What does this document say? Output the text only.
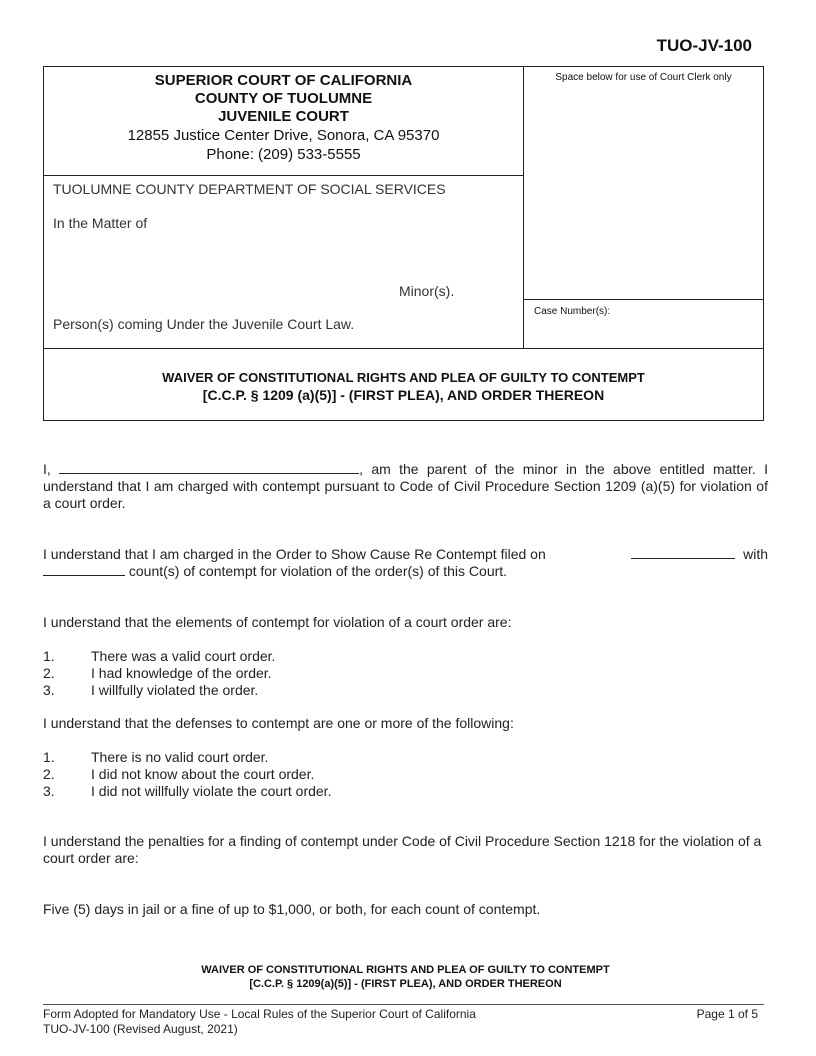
TUO-JV-100
SUPERIOR COURT OF CALIFORNIA
COUNTY OF TUOLUMNE
JUVENILE COURT
12855 Justice Center Drive, Sonora, CA 95370
Phone: (209) 533-5555
Space below for use of Court Clerk only
Case Number(s):
TUOLUMNE COUNTY DEPARTMENT OF SOCIAL SERVICES
In the Matter of
Minor(s).
Person(s) coming Under the Juvenile Court Law.
WAIVER OF CONSTITUTIONAL RIGHTS AND PLEA OF GUILTY TO CONTEMPT
[C.C.P. § 1209 (a)(5)] - (FIRST PLEA), AND ORDER THEREON
I,	, am the parent of the minor in the above entitled matter. I understand that I am charged with contempt pursuant to Code of Civil Procedure Section 1209 (a)(5) for violation of a court order.
I understand that I am charged in the Order to Show Cause Re Contempt filed on	with
count(s) of contempt for violation of the order(s) of this Court.
I understand that the elements of contempt for violation of a court order are:
1.	There was a valid court order.
2.	I had knowledge of the order.
3.	I willfully violated the order.
I understand that the defenses to contempt are one or more of the following:
1.	There is no valid court order.
2.	I did not know about the court order.
3.	I did not willfully violate the court order.
I understand the penalties for a finding of contempt under Code of Civil Procedure Section 1218 for the violation of a court order are:
Five (5) days in jail or a fine of up to $1,000, or both, for each count of contempt.
WAIVER OF CONSTITUTIONAL RIGHTS AND PLEA OF GUILTY TO CONTEMPT
[C.C.P. § 1209(a)(5)] - (FIRST PLEA), AND ORDER THEREON
Form Adopted for Mandatory Use - Local Rules of the Superior Court of California
TUO-JV-100 (Revised August, 2021)
Page 1 of 5
